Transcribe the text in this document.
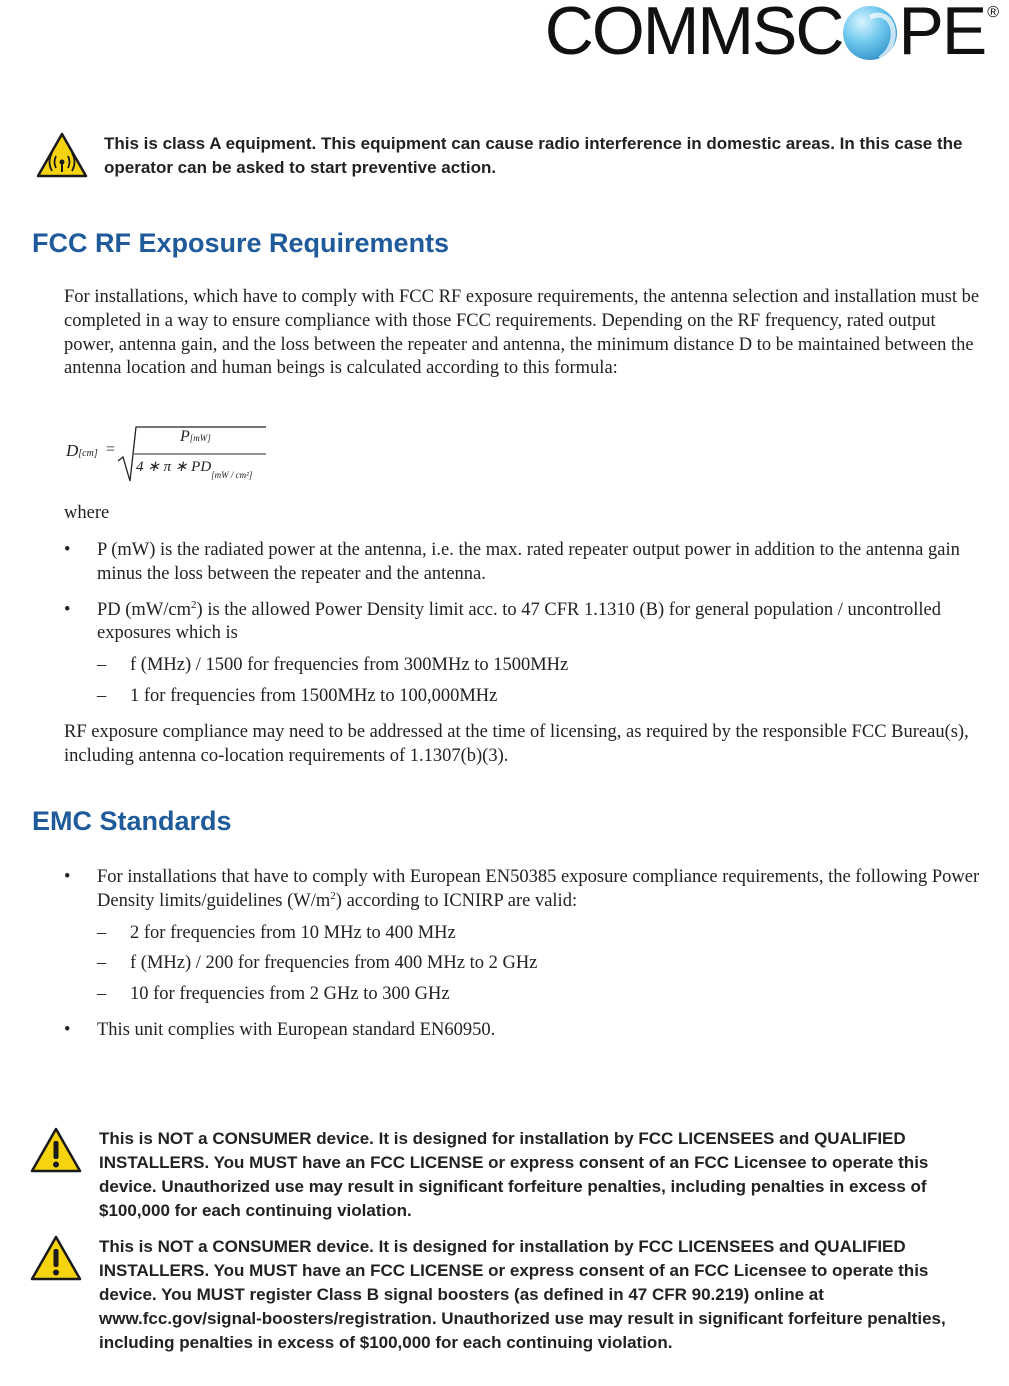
COMMSC PE ®

This is class A equipment. This equipment can cause radio interference in domestic areas. In this case the operator can be asked to start preventive action.

FCC RF Exposure Requirements

For installations, which have to comply with FCC RF exposure requirements, the antenna selection and installation must be completed in a way to ensure compliance with those FCC requirements. Depending on the RF frequency, rated output power, antenna gain, and the loss between the repeater and antenna, the minimum distance D to be maintained between the antenna location and human beings is calculated according to this formula:

D[cm] =
P[mW]
4 ∗ π ∗ $PD_{[mW / cm^2]}$

where

• P (mW) is the radiated power at the antenna, i.e. the max. rated repeater output power in addition to the antenna gain minus the loss between the repeater and the antenna.
• PD $(mW/cm^2)$ is the allowed Power Density limit acc. to 47 CFR 1.1310 (B) for general population / uncontrolled exposures which is
– f (MHz) / 1500 for frequencies from 300MHz to 1500MHz
– 1 for frequencies from 1500MHz to 100,000MHz

RF exposure compliance may need to be addressed at the time of licensing, as required by the responsible FCC Bureau(s), including antenna co-location requirements of 1.1307(b)(3).

EMC Standards
• For installations that have to comply with European EN50385 exposure compliance requirements, the following Power Density limits/guidelines $(W/m^2)$ according to ICNIRP are valid:
– 2 for frequencies from 10 MHz to 400 MHz
– f (MHz) / 200 for frequencies from 400 MHz to 2 GHz
– 10 for frequencies from 2 GHz to 300 GHz
• This unit complies with European standard EN60950.

This is NOT a CONSUMER device. It is designed for installation by FCC LICENSEES and QUALIFIED INSTALLERS. You MUST have an FCC LICENSE or express consent of an FCC Licensee to operate this device. Unauthorized use may result in significant forfeiture penalties, including penalties in excess of $100,000 for each continuing violation.

This is NOT a CONSUMER device. It is designed for installation by FCC LICENSEES and QUALIFIED INSTALLERS. You MUST have an FCC LICENSE or express consent of an FCC Licensee to operate this device. You MUST register Class B signal boosters (as defined in 47 CFR 90.219) online at www.fcc.gov/signal-boosters/registration. Unauthorized use may result in significant forfeiture penalties, including penalties in excess of $100,000 for each continuing violation.
